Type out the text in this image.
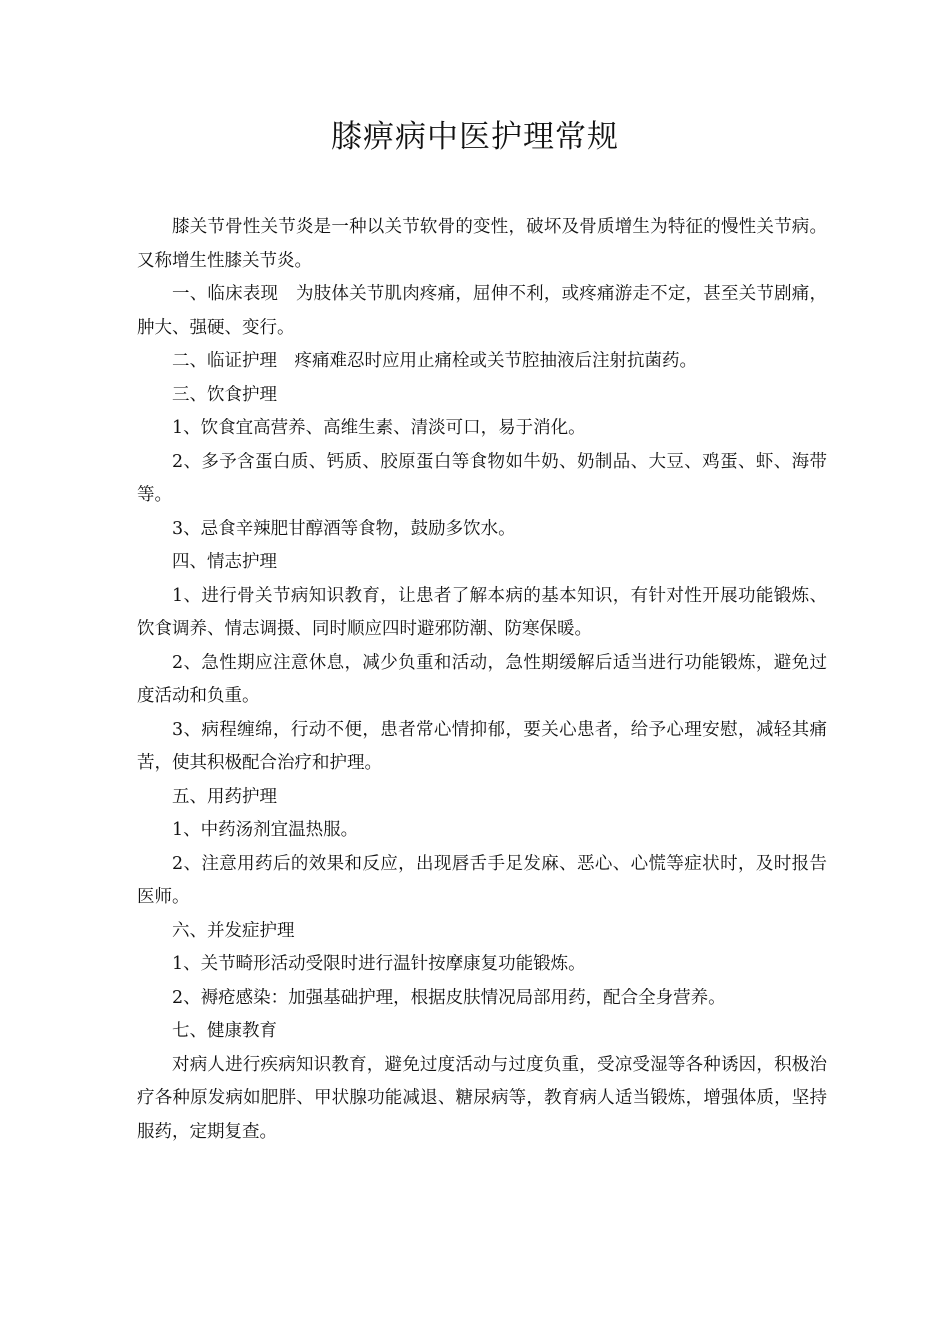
膝痹病中医护理常规

膝关节骨性关节炎是一种以关节软骨的变性，破坏及骨质增生为特征的慢性关节病。又称增生性膝关节炎。

一、临床表现　为肢体关节肌肉疼痛，屈伸不利，或疼痛游走不定，甚至关节剧痛，肿大、强硬、变行。

二、临证护理　疼痛难忍时应用止痛栓或关节腔抽液后注射抗菌药。

三、饮食护理

1、饮食宜高营养、高维生素、清淡可口，易于消化。

2、多予含蛋白质、钙质、胶原蛋白等食物如牛奶、奶制品、大豆、鸡蛋、虾、海带等。

3、忌食辛辣肥甘醇酒等食物，鼓励多饮水。

四、情志护理

1、进行骨关节病知识教育，让患者了解本病的基本知识，有针对性开展功能锻炼、饮食调养、情志调摄、同时顺应四时避邪防潮、防寒保暖。

2、急性期应注意休息，减少负重和活动，急性期缓解后适当进行功能锻炼，避免过度活动和负重。

3、病程缠绵，行动不便，患者常心情抑郁，要关心患者，给予心理安慰，减轻其痛苦，使其积极配合治疗和护理。

五、用药护理

1、中药汤剂宜温热服。

2、注意用药后的效果和反应，出现唇舌手足发麻、恶心、心慌等症状时，及时报告医师。

六、并发症护理

1、关节畸形活动受限时进行温针按摩康复功能锻炼。

2、褥疮感染：加强基础护理，根据皮肤情况局部用药，配合全身营养。

七、健康教育

对病人进行疾病知识教育，避免过度活动与过度负重，受凉受湿等各种诱因，积极治疗各种原发病如肥胖、甲状腺功能减退、糖尿病等，教育病人适当锻炼，增强体质，坚持服药，定期复查。
